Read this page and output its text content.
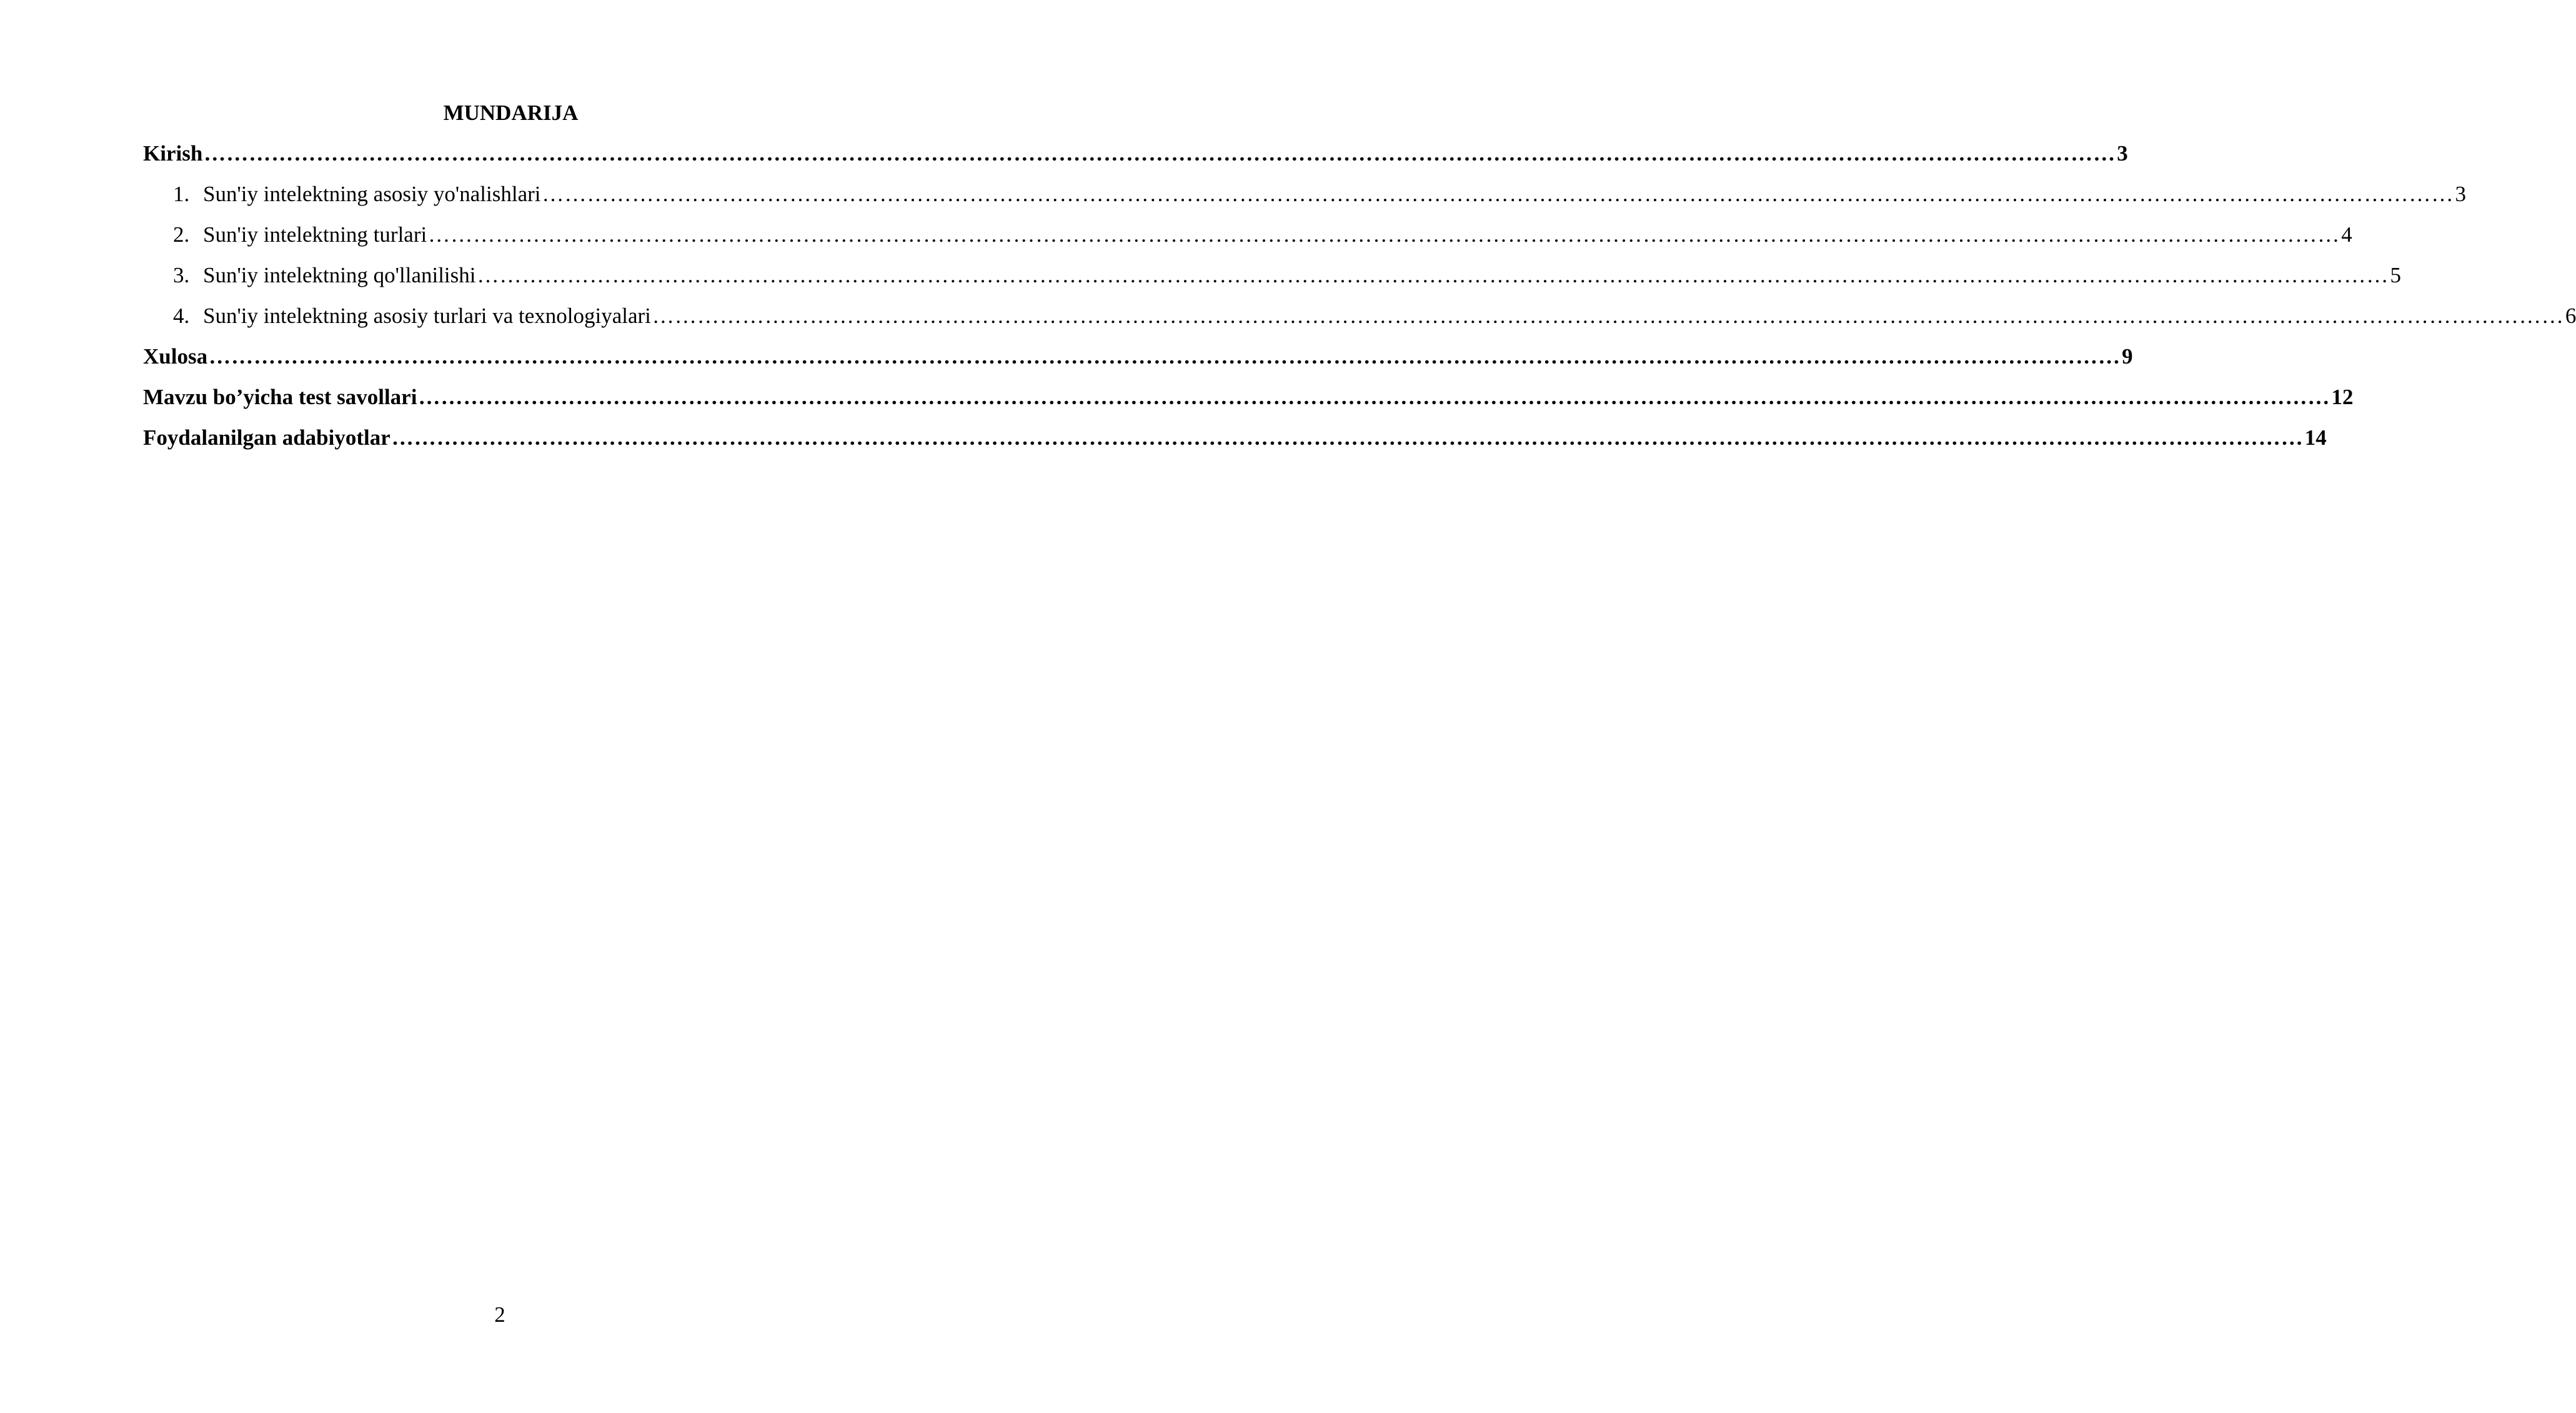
MUNDARIJA
Kirish ………………………………………………………………………………………………………………………………………………………………………………………………………………………………… 3
1. Sun'iy intelektning asosiy yo'nalishlari ………………………………………………………………………………………………………………………………………………………………………………………………………………………………… 3
2. Sun'iy intelektning turlari ………………………………………………………………………………………………………………………………………………………………………………………………………………………………… 4
3. Sun'iy intelektning qo'llanilishi ………………………………………………………………………………………………………………………………………………………………………………………………………………………………… 5
4. Sun'iy intelektning asosiy turlari va texnologiyalari ………………………………………………………………………………………………………………………………………………………………………………………………………………………………… 6
Xulosa ………………………………………………………………………………………………………………………………………………………………………………………………………………………………… 9
Mavzu bo’yicha test savollari ………………………………………………………………………………………………………………………………………………………………………………………………………………………………… 12
Foydalanilgan adabiyotlar ………………………………………………………………………………………………………………………………………………………………………………………………………………………………… 14
2
